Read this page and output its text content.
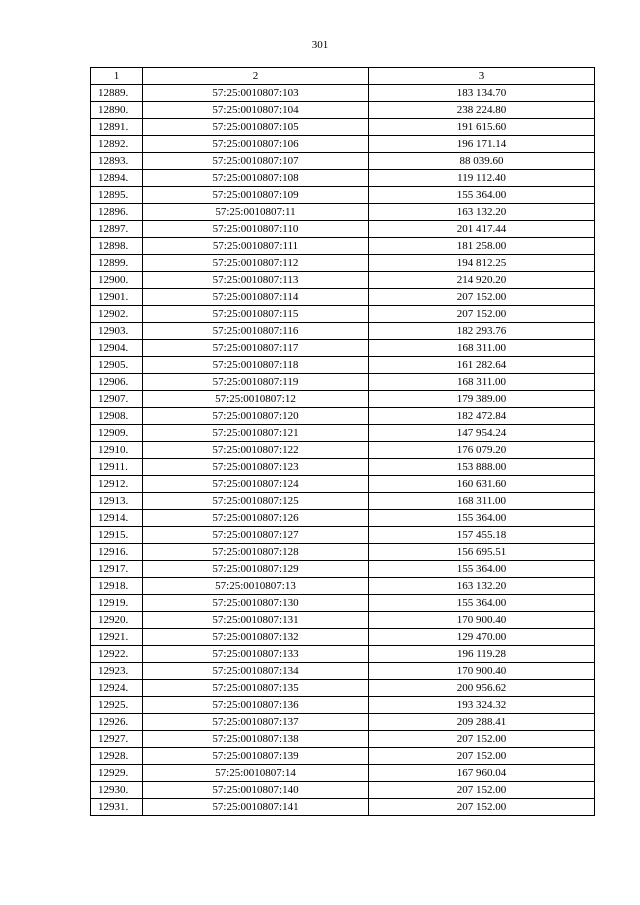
301
1	2	3
12889.	57:25:0010807:103	183 134.70
12890.	57:25:0010807:104	238 224.80
12891.	57:25:0010807:105	191 615.60
12892.	57:25:0010807:106	196 171.14
12893.	57:25:0010807:107	88 039.60
12894.	57:25:0010807:108	119 112.40
12895.	57:25:0010807:109	155 364.00
12896.	57:25:0010807:11	163 132.20
12897.	57:25:0010807:110	201 417.44
12898.	57:25:0010807:111	181 258.00
12899.	57:25:0010807:112	194 812.25
12900.	57:25:0010807:113	214 920.20
12901.	57:25:0010807:114	207 152.00
12902.	57:25:0010807:115	207 152.00
12903.	57:25:0010807:116	182 293.76
12904.	57:25:0010807:117	168 311.00
12905.	57:25:0010807:118	161 282.64
12906.	57:25:0010807:119	168 311.00
12907.	57:25:0010807:12	179 389.00
12908.	57:25:0010807:120	182 472.84
12909.	57:25:0010807:121	147 954.24
12910.	57:25:0010807:122	176 079.20
12911.	57:25:0010807:123	153 888.00
12912.	57:25:0010807:124	160 631.60
12913.	57:25:0010807:125	168 311.00
12914.	57:25:0010807:126	155 364.00
12915.	57:25:0010807:127	157 455.18
12916.	57:25:0010807:128	156 695.51
12917.	57:25:0010807:129	155 364.00
12918.	57:25:0010807:13	163 132.20
12919.	57:25:0010807:130	155 364.00
12920.	57:25:0010807:131	170 900.40
12921.	57:25:0010807:132	129 470.00
12922.	57:25:0010807:133	196 119.28
12923.	57:25:0010807:134	170 900.40
12924.	57:25:0010807:135	200 956.62
12925.	57:25:0010807:136	193 324.32
12926.	57:25:0010807:137	209 288.41
12927.	57:25:0010807:138	207 152.00
12928.	57:25:0010807:139	207 152.00
12929.	57:25:0010807:14	167 960.04
12930.	57:25:0010807:140	207 152.00
12931.	57:25:0010807:141	207 152.00
